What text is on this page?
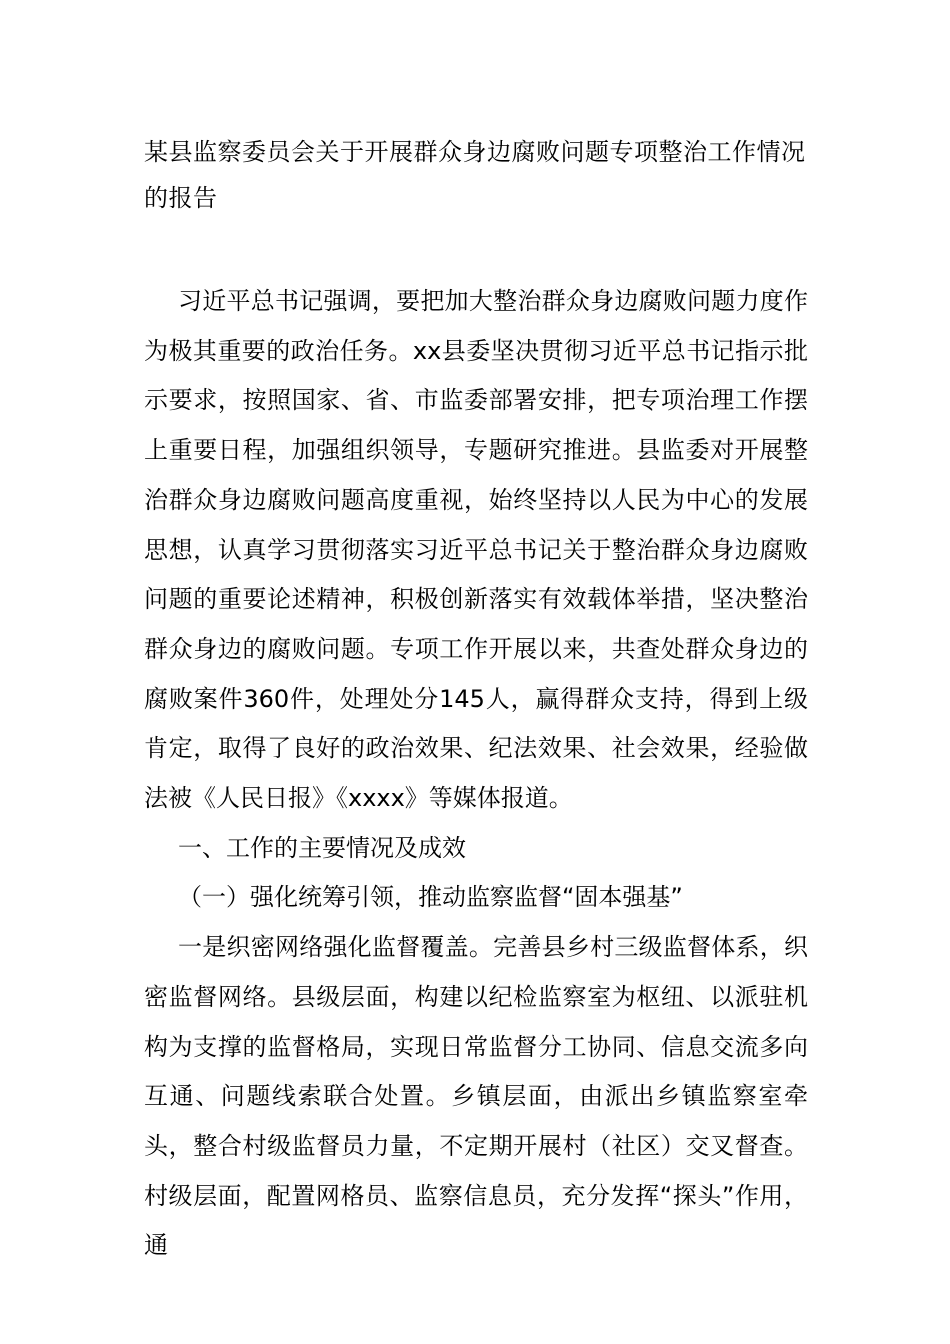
某县监察委员会关于开展群众身边腐败问题专项整治工作情况的报告

习近平总书记强调，要把加大整治群众身边腐败问题力度作为极其重要的政治任务。xx县委坚决贯彻习近平总书记指示批示要求，按照国家、省、市监委部署安排，把专项治理工作摆上重要日程，加强组织领导，专题研究推进。县监委对开展整治群众身边腐败问题高度重视，始终坚持以人民为中心的发展思想，认真学习贯彻落实习近平总书记关于整治群众身边腐败问题的重要论述精神，积极创新落实有效载体举措，坚决整治群众身边的腐败问题。专项工作开展以来，共查处群众身边的腐败案件360件，处理处分145人，赢得群众支持，得到上级肯定，取得了良好的政治效果、纪法效果、社会效果，经验做法被《人民日报》《xxxx》等媒体报道。

一、工作的主要情况及成效

（一）强化统筹引领，推动监察监督“固本强基”

一是织密网络强化监督覆盖。完善县乡村三级监督体系，织密监督网络。县级层面，构建以纪检监察室为枢纽、以派驻机构为支撑的监督格局，实现日常监督分工协同、信息交流多向互通、问题线索联合处置。乡镇层面，由派出乡镇监察室牵头，整合村级监督员力量，不定期开展村（社区）交叉督查。村级层面，配置网格员、监察信息员，充分发挥“探头”作用，通
